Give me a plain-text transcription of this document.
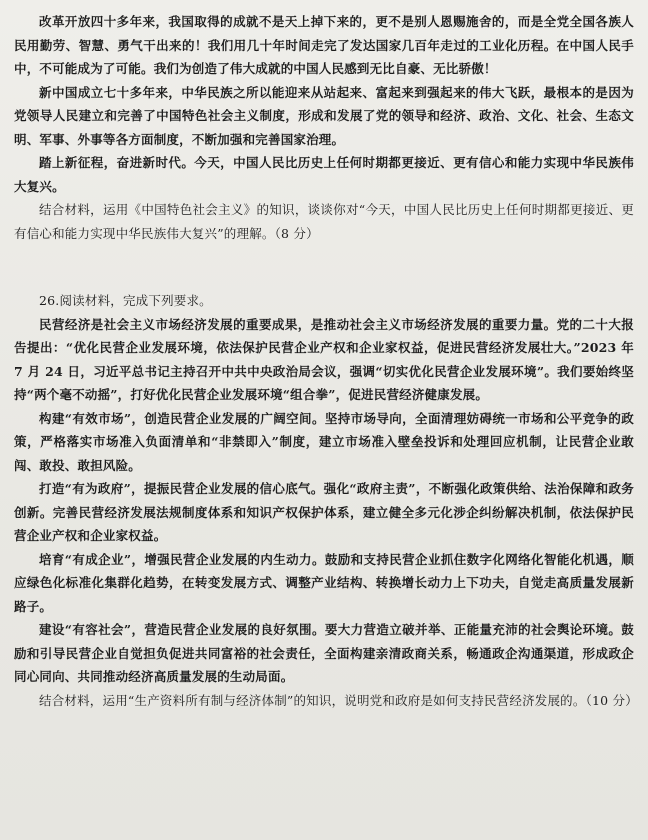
改革开放四十多年来，我国取得的成就不是天上掉下来的，更不是别人恩赐施舍的，而是全党全国各族人民用勤劳、智慧、勇气干出来的！我们用几十年时间走完了发达国家几百年走过的工业化历程。在中国人民手中，不可能成为了可能。我们为创造了伟大成就的中国人民感到无比自豪、无比骄傲！

新中国成立七十多年来，中华民族之所以能迎来从站起来、富起来到强起来的伟大飞跃，最根本的是因为党领导人民建立和完善了中国特色社会主义制度，形成和发展了党的领导和经济、政治、文化、社会、生态文明、军事、外事等各方面制度，不断加强和完善国家治理。

踏上新征程，奋进新时代。今天，中国人民比历史上任何时期都更接近、更有信心和能力实现中华民族伟大复兴。

结合材料，运用《中国特色社会主义》的知识，谈谈你对“今天，中国人民比历史上任何时期都更接近、更有信心和能力实现中华民族伟大复兴”的理解。（8 分）

26.阅读材料，完成下列要求。

民营经济是社会主义市场经济发展的重要成果，是推动社会主义市场经济发展的重要力量。党的二十大报告提出：“优化民营企业发展环境，依法保护民营企业产权和企业家权益，促进民营经济发展壮大。”2023 年 7 月 24 日，习近平总书记主持召开中共中央政治局会议，强调“切实优化民营企业发展环境”。我们要始终坚持“两个毫不动摇”，打好优化民营企业发展环境“组合拳”，促进民营经济健康发展。

构建“有效市场”，创造民营企业发展的广阔空间。坚持市场导向，全面清理妨碍统一市场和公平竞争的政策，严格落实市场准入负面清单和“非禁即入”制度，建立市场准入壁垒投诉和处理回应机制，让民营企业敢闯、敢投、敢担风险。

打造“有为政府”，提振民营企业发展的信心底气。强化“政府主责”，不断强化政策供给、法治保障和政务创新。完善民营经济发展法规制度体系和知识产权保护体系，建立健全多元化涉企纠纷解决机制，依法保护民营企业产权和企业家权益。

培育“有成企业”，增强民营企业发展的内生动力。鼓励和支持民营企业抓住数字化网络化智能化机遇，顺应绿色化标准化集群化趋势，在转变发展方式、调整产业结构、转换增长动力上下功夫，自觉走高质量发展新路子。

建设“有容社会”，营造民营企业发展的良好氛围。要大力营造立破并举、正能量充沛的社会舆论环境。鼓励和引导民营企业自觉担负促进共同富裕的社会责任，全面构建亲清政商关系，畅通政企沟通渠道，形成政企同心同向、共同推动经济高质量发展的生动局面。

结合材料，运用“生产资料所有制与经济体制”的知识，说明党和政府是如何支持民营经济发展的。（10 分）
